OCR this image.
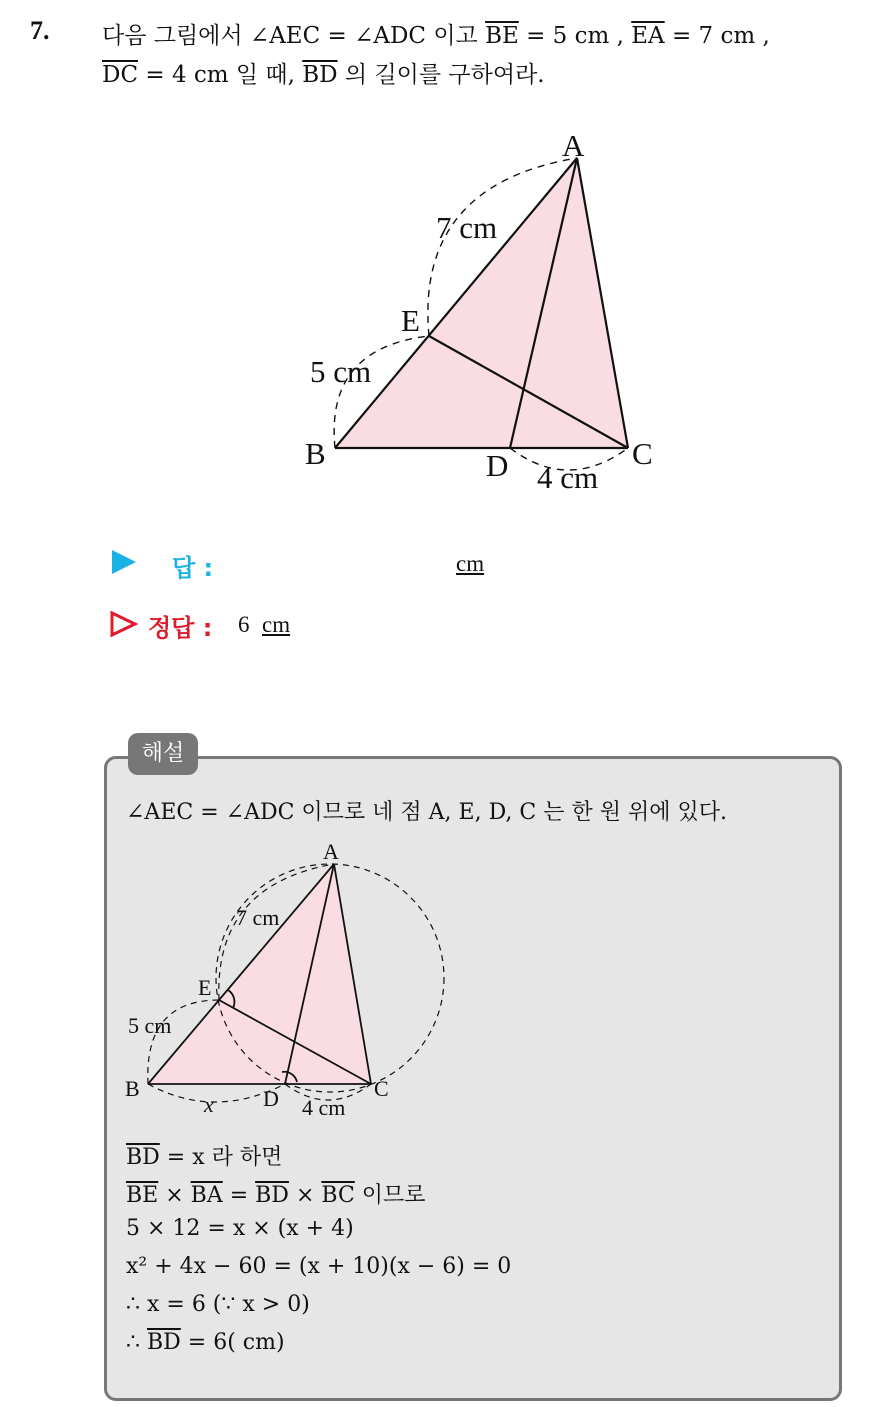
7. 다음 그림에서 ∠AEC = ∠ADC 이고 $\overline{BE} = 5$ cm , $\overline{EA} = 7$ cm ,
$\overline{DC} = 4$ cm 일 때, $\overline{BD}$ 의 길이를 구하여라.
A
E
B	D	C
7 cm
5 cm
4 cm
답 :	cm
정답 : 6 cm
해설
∠AEC = ∠ADC 이므로 네 점 A, E, D, C 는 한 원 위에 있다.
A
E
B	D	C
7 cm
5 cm
x	4 cm
$\overline{BD} = x$ 라 하면
$\overline{BE} \times \overline{BA} = \overline{BD} \times \overline{BC}$ 이므로
5 × 12 = x × (x + 4)
x² + 4x − 60 = (x + 10)(x − 6) = 0
∴ x = 6 (∵ x > 0)
∴ $\overline{BD} = 6$( cm)
